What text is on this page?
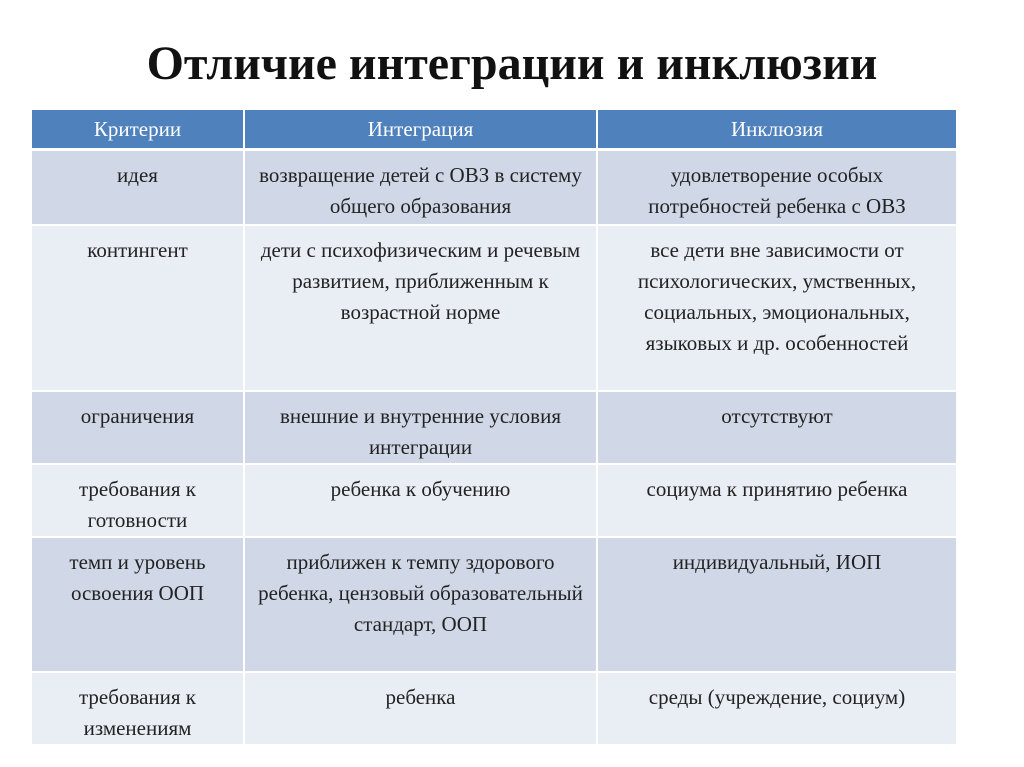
Отличие интеграции и инклюзии
Критерии	Интеграция	Инклюзия
идея	возвращение детей с ОВЗ в систему общего образования	удовлетворение особых потребностей ребенка с ОВЗ
контингент	дети с психофизическим и речевым развитием, приближенным к возрастной норме	все дети вне зависимости от психологических, умственных, социальных, эмоциональных, языковых и др. особенностей
ограничения	внешние и внутренние условия интеграции	отсутствуют
требования к готовности	ребенка к обучению	социума к принятию ребенка
темп и уровень освоения ООП	приближен к темпу здорового ребенка, цензовый образовательный стандарт, ООП	индивидуальный, ИОП
требования к изменениям	ребенка	среды (учреждение, социум)
